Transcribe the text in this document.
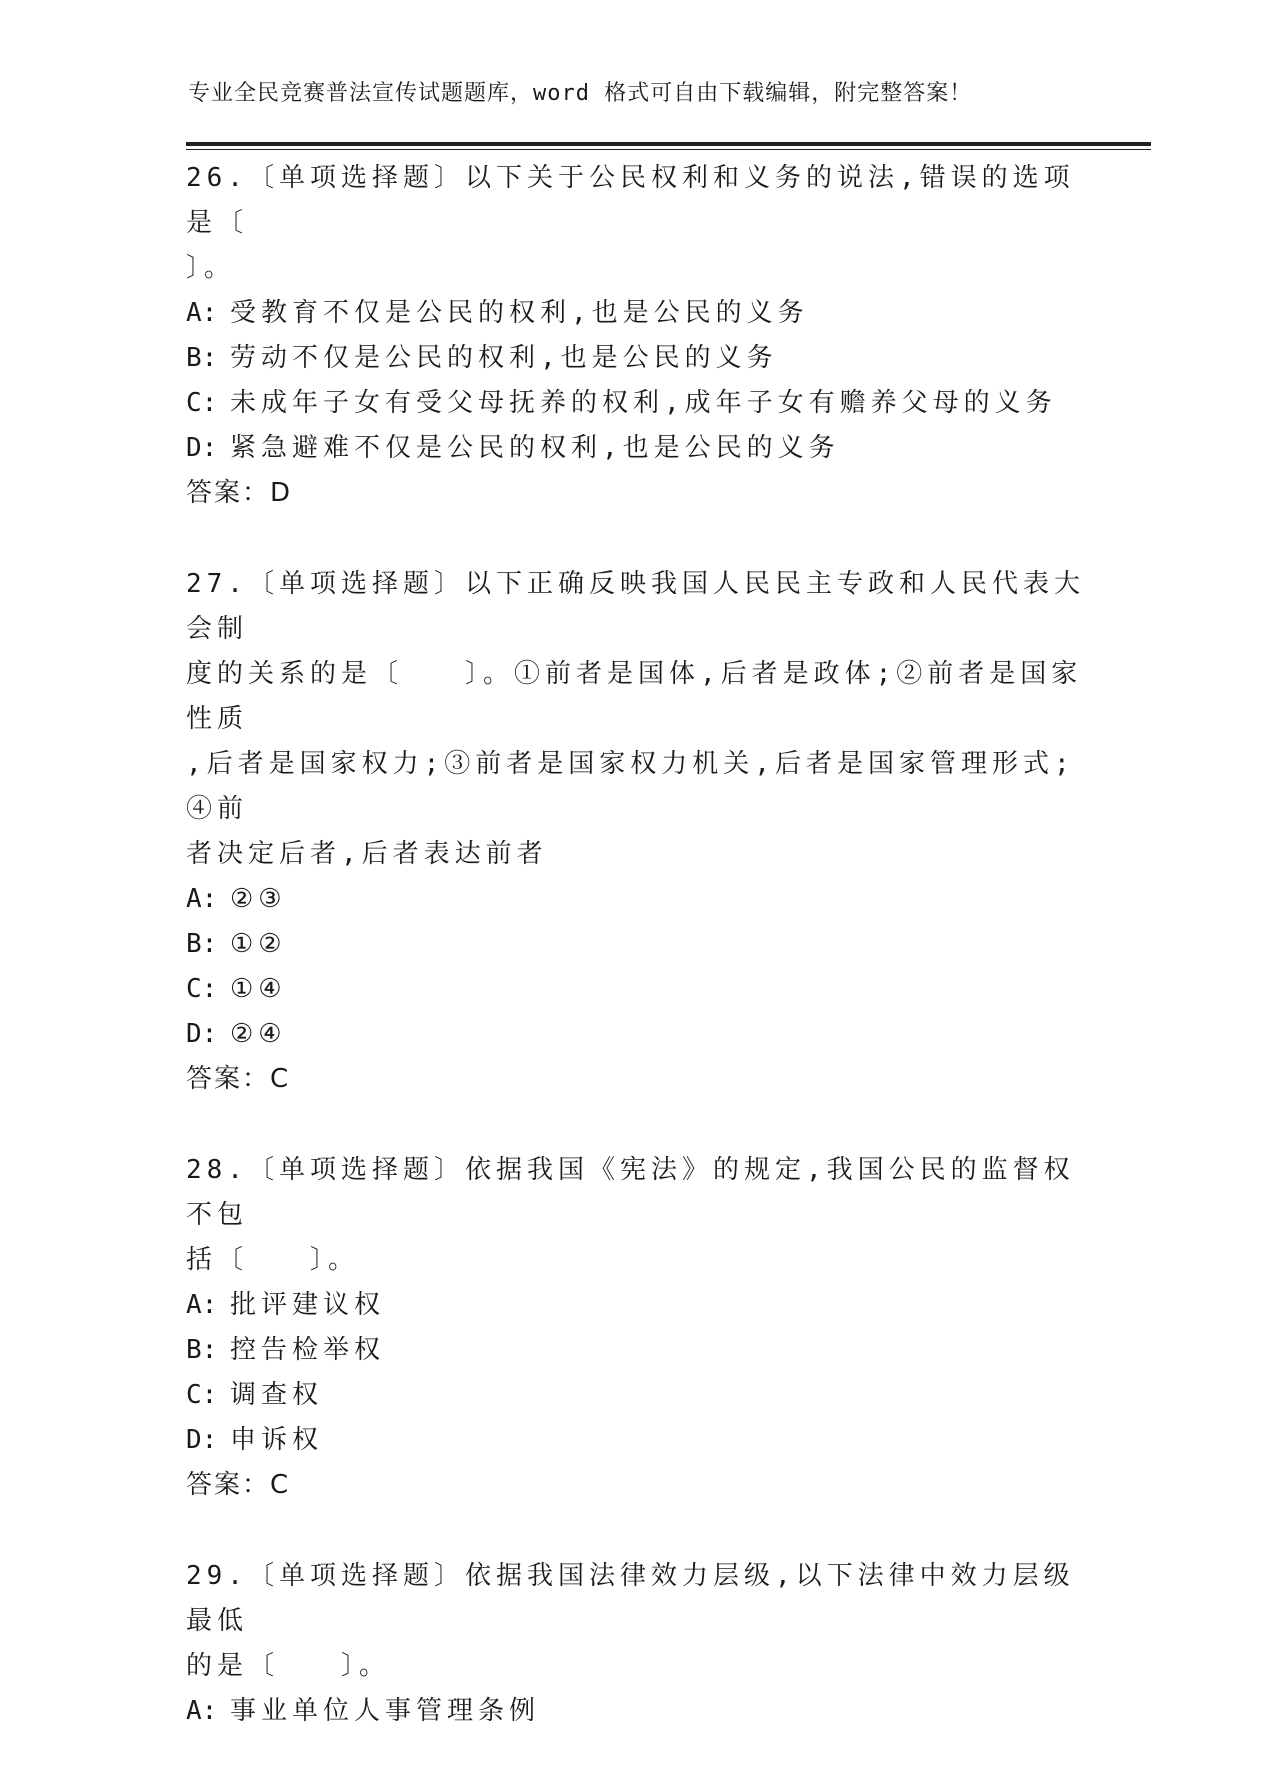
专业全民竞赛普法宣传试题题库，word 格式可自由下载编辑，附完整答案！
26.〔单项选择题〕以下关于公民权利和义务的说法,错误的选项是〔
〕。
A: 受教育不仅是公民的权利,也是公民的义务
B: 劳动不仅是公民的权利,也是公民的义务
C: 未成年子女有受父母抚养的权利,成年子女有赡养父母的义务
D: 紧急避难不仅是公民的权利,也是公民的义务
答案：D
27.〔单项选择题〕以下正确反映我国人民民主专政和人民代表大会制
度的关系的是〔　　〕。①前者是国体,后者是政体;②前者是国家性质
,后者是国家权力;③前者是国家权力机关,后者是国家管理形式;④前
者决定后者,后者表达前者
A: ②③
B: ①②
C: ①④
D: ②④
答案：C
28.〔单项选择题〕依据我国《宪法》的规定,我国公民的监督权不包
括〔　　〕。
A: 批评建议权
B: 控告检举权
C: 调查权
D: 申诉权
答案：C
29.〔单项选择题〕依据我国法律效力层级,以下法律中效力层级最低
的是〔　　〕。
A: 事业单位人事管理条例
